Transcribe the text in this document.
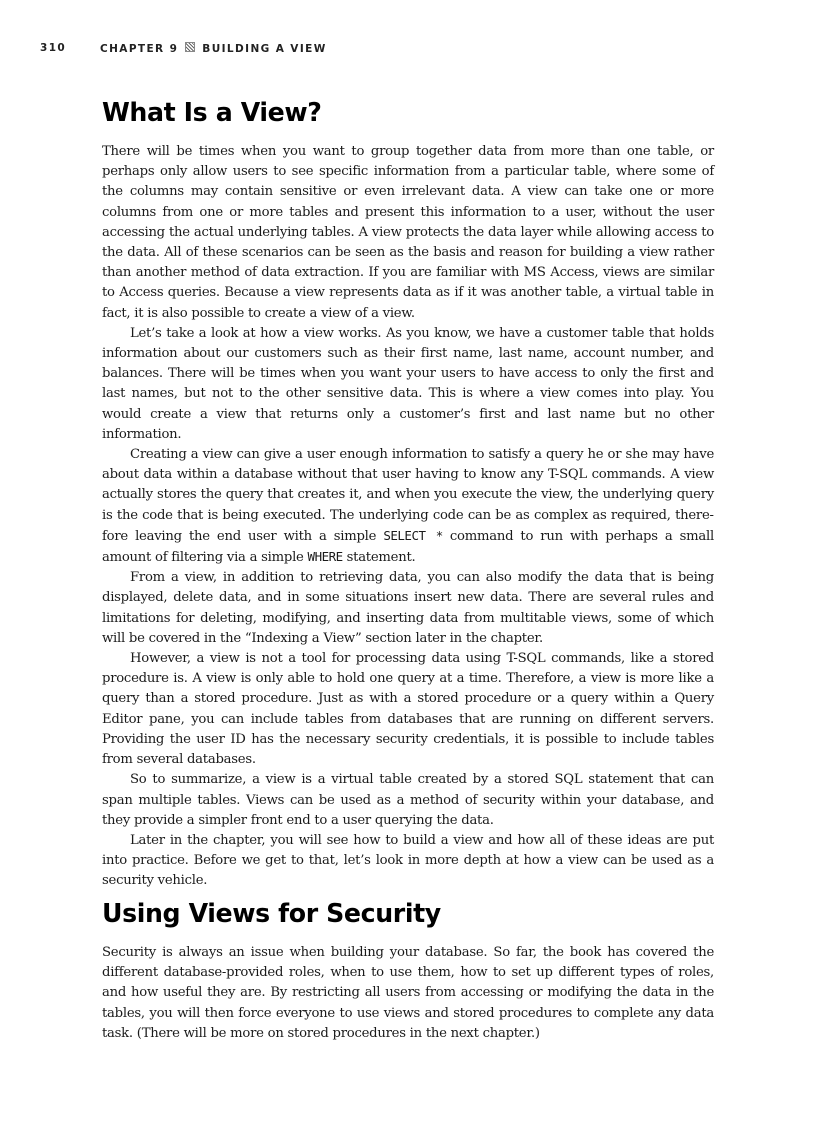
310	CHAPTER 9 BUILDING A VIEW
What Is a View?

There will be times when you want to group together data from more than one table, or perhaps only allow users to see specific information from a particular table, where some of the columns may contain sensitive or even irrelevant data. A view can take one or more columns from one or more tables and present this information to a user, without the user accessing the actual underlying tables. A view protects the data layer while allowing access to the data. All of these scenarios can be seen as the basis and reason for building a view rather than another method of data extraction. If you are familiar with MS Access, views are similar to Access queries. Because a view represents data as if it was another table, a virtual table in fact, it is also possible to create a view of a view.

Let’s take a look at how a view works. As you know, we have a customer table that holds information about our customers such as their first name, last name, account number, and balances. There will be times when you want your users to have access to only the first and last names, but not to the other sensitive data. This is where a view comes into play. You would create a view that returns only a customer’s first and last name but no other information.

Creating a view can give a user enough information to satisfy a query he or she may have about data within a database without that user having to know any T-SQL commands. A view actually stores the query that creates it, and when you execute the view, the underlying query is the code that is being executed. The underlying code can be as complex as required, therefore leaving the end user with a simple SELECT * command to run with perhaps a small amount of filtering via a simple WHERE statement.

From a view, in addition to retrieving data, you can also modify the data that is being displayed, delete data, and in some situations insert new data. There are several rules and limitations for deleting, modifying, and inserting data from multitable views, some of which will be covered in the “Indexing a View” section later in the chapter.

However, a view is not a tool for processing data using T-SQL commands, like a stored procedure is. A view is only able to hold one query at a time. Therefore, a view is more like a query than a stored procedure. Just as with a stored procedure or a query within a Query Editor pane, you can include tables from databases that are running on different servers. Providing the user ID has the necessary security credentials, it is possible to include tables from several databases.

So to summarize, a view is a virtual table created by a stored SQL statement that can span multiple tables. Views can be used as a method of security within your database, and they provide a simpler front end to a user querying the data.

Later in the chapter, you will see how to build a view and how all of these ideas are put into practice. Before we get to that, let’s look in more depth at how a view can be used as a security vehicle.

Using Views for Security

Security is always an issue when building your database. So far, the book has covered the different database-provided roles, when to use them, how to set up different types of roles, and how useful they are. By restricting all users from accessing or modifying the data in the tables, you will then force everyone to use views and stored procedures to complete any data task. (There will be more on stored procedures in the next chapter.)
